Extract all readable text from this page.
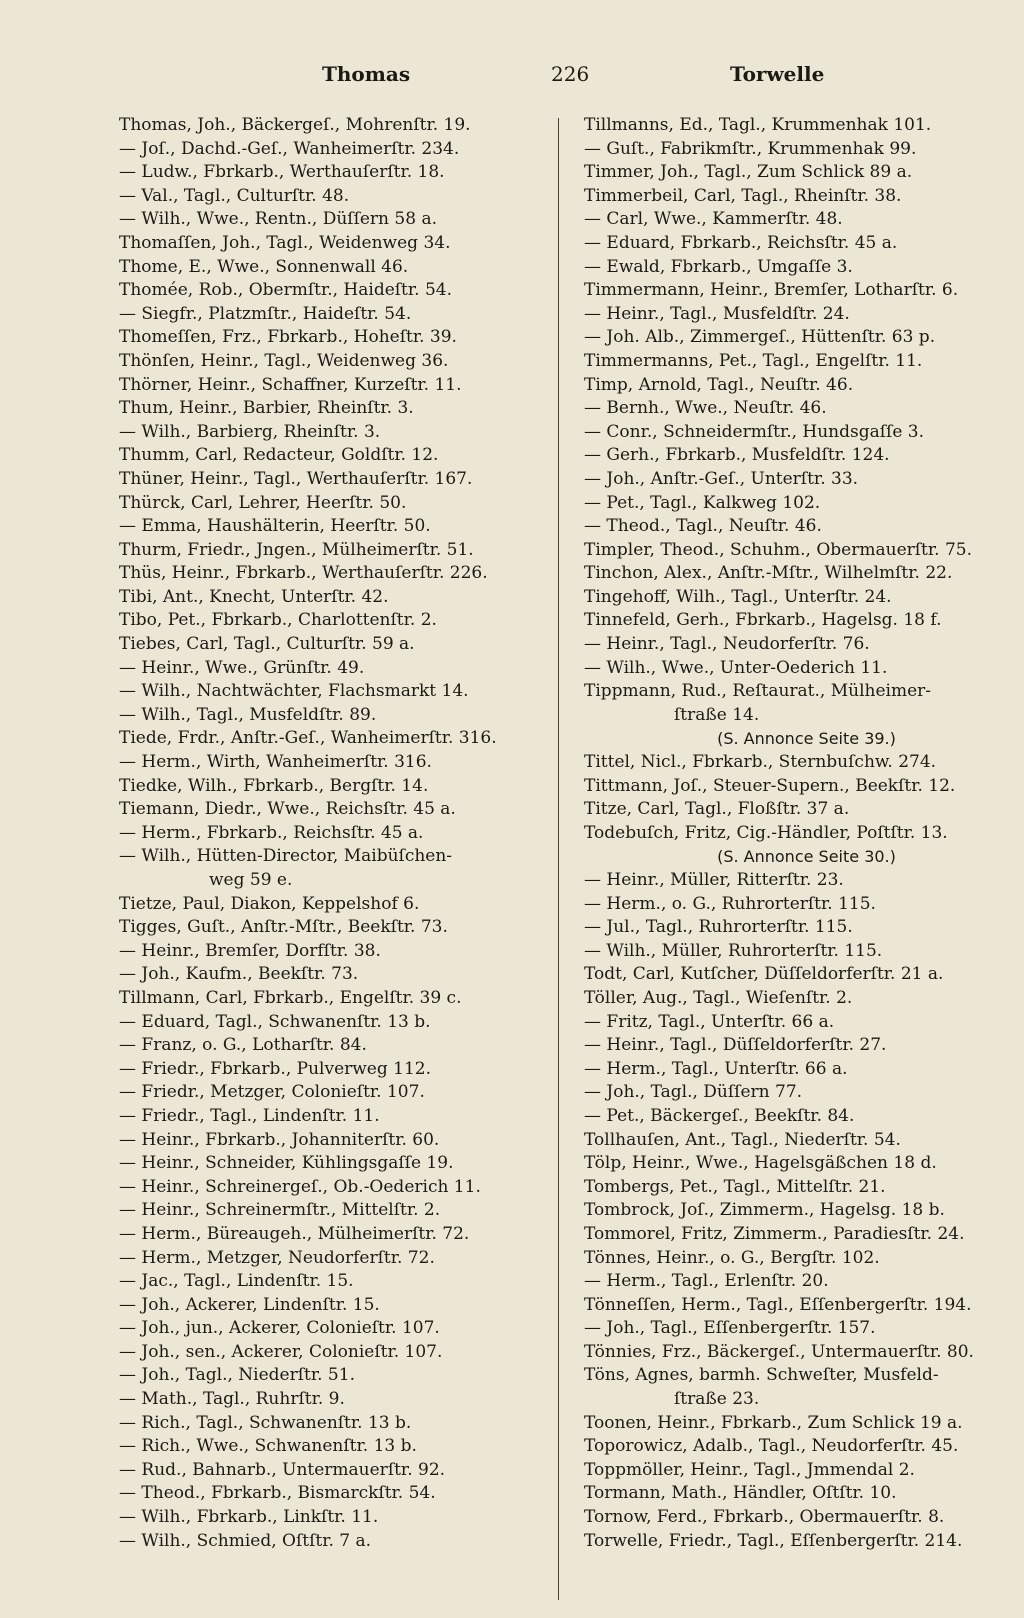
Thomas	226	Torwelle
Thomas, Joh., Bäckergeſ., Mohrenſtr. 19.
— Joſ., Dachd.-Geſ., Wanheimerſtr. 234.
— Ludw., Fbrkarb., Werthauſerſtr. 18.
— Val., Tagl., Culturſtr. 48.
— Wilh., Wwe., Rentn., Düſſern 58 a.
Thomaſſen, Joh., Tagl., Weidenweg 34.
Thome, E., Wwe., Sonnenwall 46.
Thomée, Rob., Obermſtr., Haideſtr. 54.
— Siegfr., Platzmſtr., Haideſtr. 54.
Thomeſſen, Frz., Fbrkarb., Hoheſtr. 39.
Thönſen, Heinr., Tagl., Weidenweg 36.
Thörner, Heinr., Schaffner, Kurzeſtr. 11.
Thum, Heinr., Barbier, Rheinſtr. 3.
— Wilh., Barbierg, Rheinſtr. 3.
Thumm, Carl, Redacteur, Goldſtr. 12.
Thüner, Heinr., Tagl., Werthauſerſtr. 167.
Thürck, Carl, Lehrer, Heerſtr. 50.
— Emma, Haushälterin, Heerſtr. 50.
Thurm, Friedr., Jngen., Mülheimerſtr. 51.
Thüs, Heinr., Fbrkarb., Werthauſerſtr. 226.
Tibi, Ant., Knecht, Unterſtr. 42.
Tibo, Pet., Fbrkarb., Charlottenſtr. 2.
Tiebes, Carl, Tagl., Culturſtr. 59 a.
— Heinr., Wwe., Grünſtr. 49.
— Wilh., Nachtwächter, Flachsmarkt 14.
— Wilh., Tagl., Musfeldſtr. 89.
Tiede, Frdr., Anſtr.-Geſ., Wanheimerſtr. 316.
— Herm., Wirth, Wanheimerſtr. 316.
Tiedke, Wilh., Fbrkarb., Bergſtr. 14.
Tiemann, Diedr., Wwe., Reichsſtr. 45 a.
— Herm., Fbrkarb., Reichsſtr. 45 a.
— Wilh., Hütten-Director, Maibüſchen-
weg 59 e.
Tietze, Paul, Diakon, Keppelshof 6.
Tigges, Guſt., Anſtr.-Mſtr., Beekſtr. 73.
— Heinr., Bremſer, Dorfſtr. 38.
— Joh., Kaufm., Beekſtr. 73.
Tillmann, Carl, Fbrkarb., Engelſtr. 39 c.
— Eduard, Tagl., Schwanenſtr. 13 b.
— Franz, o. G., Lotharſtr. 84.
— Friedr., Fbrkarb., Pulverweg 112.
— Friedr., Metzger, Colonieſtr. 107.
— Friedr., Tagl., Lindenſtr. 11.
— Heinr., Fbrkarb., Johanniterſtr. 60.
— Heinr., Schneider, Kühlingsgaſſe 19.
— Heinr., Schreinergeſ., Ob.-Oederich 11.
— Heinr., Schreinermſtr., Mittelſtr. 2.
— Herm., Büreaugeh., Mülheimerſtr. 72.
— Herm., Metzger, Neudorferſtr. 72.
— Jac., Tagl., Lindenſtr. 15.
— Joh., Ackerer, Lindenſtr. 15.
— Joh., jun., Ackerer, Colonieſtr. 107.
— Joh., sen., Ackerer, Colonieſtr. 107.
— Joh., Tagl., Niederſtr. 51.
— Math., Tagl., Ruhrſtr. 9.
— Rich., Tagl., Schwanenſtr. 13 b.
— Rich., Wwe., Schwanenſtr. 13 b.
— Rud., Bahnarb., Untermauerſtr. 92.
— Theod., Fbrkarb., Bismarckſtr. 54.
— Wilh., Fbrkarb., Linkſtr. 11.
— Wilh., Schmied, Oſtſtr. 7 a.
Tillmanns, Ed., Tagl., Krummenhak 101.
— Guſt., Fabrikmſtr., Krummenhak 99.
Timmer, Joh., Tagl., Zum Schlick 89 a.
Timmerbeil, Carl, Tagl., Rheinſtr. 38.
— Carl, Wwe., Kammerſtr. 48.
— Eduard, Fbrkarb., Reichsſtr. 45 a.
— Ewald, Fbrkarb., Umgaſſe 3.
Timmermann, Heinr., Bremſer, Lotharſtr. 6.
— Heinr., Tagl., Musfeldſtr. 24.
— Joh. Alb., Zimmergeſ., Hüttenſtr. 63 p.
Timmermanns, Pet., Tagl., Engelſtr. 11.
Timp, Arnold, Tagl., Neuſtr. 46.
— Bernh., Wwe., Neuſtr. 46.
— Conr., Schneidermſtr., Hundsgaſſe 3.
— Gerh., Fbrkarb., Musfeldſtr. 124.
— Joh., Anſtr.-Geſ., Unterſtr. 33.
— Pet., Tagl., Kalkweg 102.
— Theod., Tagl., Neuſtr. 46.
Timpler, Theod., Schuhm., Obermauerſtr. 75.
Tinchon, Alex., Anſtr.-Mſtr., Wilhelmſtr. 22.
Tingehoff, Wilh., Tagl., Unterſtr. 24.
Tinnefeld, Gerh., Fbrkarb., Hagelsg. 18 f.
— Heinr., Tagl., Neudorferſtr. 76.
— Wilh., Wwe., Unter-Oederich 11.
Tippmann, Rud., Reſtaurat., Mülheimer-
ſtraße 14.
(S. Annonce Seite 39.)
Tittel, Nicl., Fbrkarb., Sternbuſchw. 274.
Tittmann, Joſ., Steuer-Supern., Beekſtr. 12.
Titze, Carl, Tagl., Floßſtr. 37 a.
Todebuſch, Fritz, Cig.-Händler, Poſtſtr. 13.
(S. Annonce Seite 30.)
— Heinr., Müller, Ritterſtr. 23.
— Herm., o. G., Ruhrorterſtr. 115.
— Jul., Tagl., Ruhrorterſtr. 115.
— Wilh., Müller, Ruhrorterſtr. 115.
Todt, Carl, Kutſcher, Düſſeldorferſtr. 21 a.
Töller, Aug., Tagl., Wieſenſtr. 2.
— Fritz, Tagl., Unterſtr. 66 a.
— Heinr., Tagl., Düſſeldorferſtr. 27.
— Herm., Tagl., Unterſtr. 66 a.
— Joh., Tagl., Düſſern 77.
— Pet., Bäckergeſ., Beekſtr. 84.
Tollhauſen, Ant., Tagl., Niederſtr. 54.
Tölp, Heinr., Wwe., Hagelsgäßchen 18 d.
Tombergs, Pet., Tagl., Mittelſtr. 21.
Tombrock, Joſ., Zimmerm., Hagelsg. 18 b.
Tommorel, Fritz, Zimmerm., Paradiesſtr. 24.
Tönnes, Heinr., o. G., Bergſtr. 102.
— Herm., Tagl., Erlenſtr. 20.
Tönneſſen, Herm., Tagl., Eſſenbergerſtr. 194.
— Joh., Tagl., Eſſenbergerſtr. 157.
Tönnies, Frz., Bäckergeſ., Untermauerſtr. 80.
Töns, Agnes, barmh. Schweſter, Musfeld-
ſtraße 23.
Toonen, Heinr., Fbrkarb., Zum Schlick 19 a.
Toporowicz, Adalb., Tagl., Neudorferſtr. 45.
Toppmöller, Heinr., Tagl., Jmmendal 2.
Tormann, Math., Händler, Oſtſtr. 10.
Tornow, Ferd., Fbrkarb., Obermauerſtr. 8.
Torwelle, Friedr., Tagl., Eſſenbergerſtr. 214.
